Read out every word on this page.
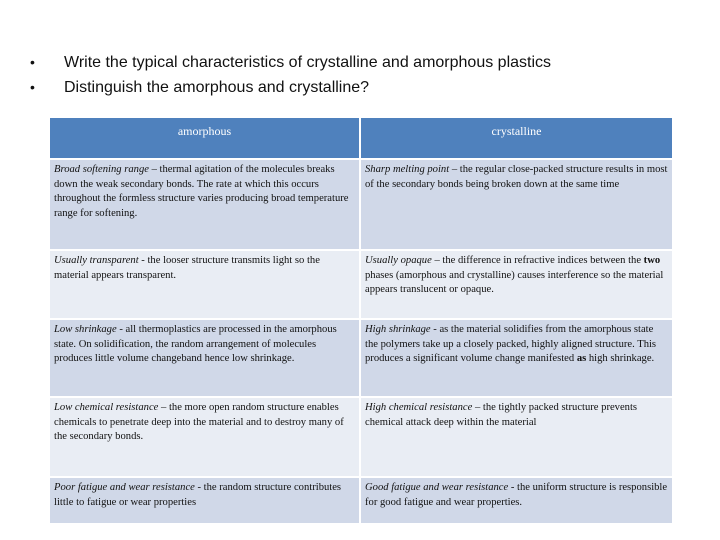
•	Write the typical characteristics of crystalline and amorphous plastics
•	Distinguish the amorphous and crystalline?
amorphous	crystalline
Broad softening range – thermal agitation of the molecules breaks down the weak secondary bonds. The rate at which this occurs throughout the formless structure varies producing broad temperature range for softening.	Sharp melting point – the regular close-packed structure results in most of the secondary bonds being broken down at the same time
Usually transparent - the looser structure transmits light so the material appears transparent.	Usually opaque – the difference in refractive indices between the two phases (amorphous and crystalline) causes interference so the material appears translucent or opaque.
Low shrinkage - all thermoplastics are processed in the amorphous state. On solidification, the random arrangement of molecules produces little volume changeband hence low shrinkage.	High shrinkage - as the material solidifies from the amorphous state the polymers take up a closely packed, highly aligned structure. This produces a significant volume change manifested as high shrinkage.
Low chemical resistance – the more open random structure enables chemicals to penetrate deep into the material and to destroy many of the secondary bonds.	High chemical resistance – the tightly packed structure prevents chemical attack deep within the material
Poor fatigue and wear resistance - the random structure contributes little to fatigue or wear properties	Good fatigue and wear resistance - the uniform structure is responsible for good fatigue and wear properties.
